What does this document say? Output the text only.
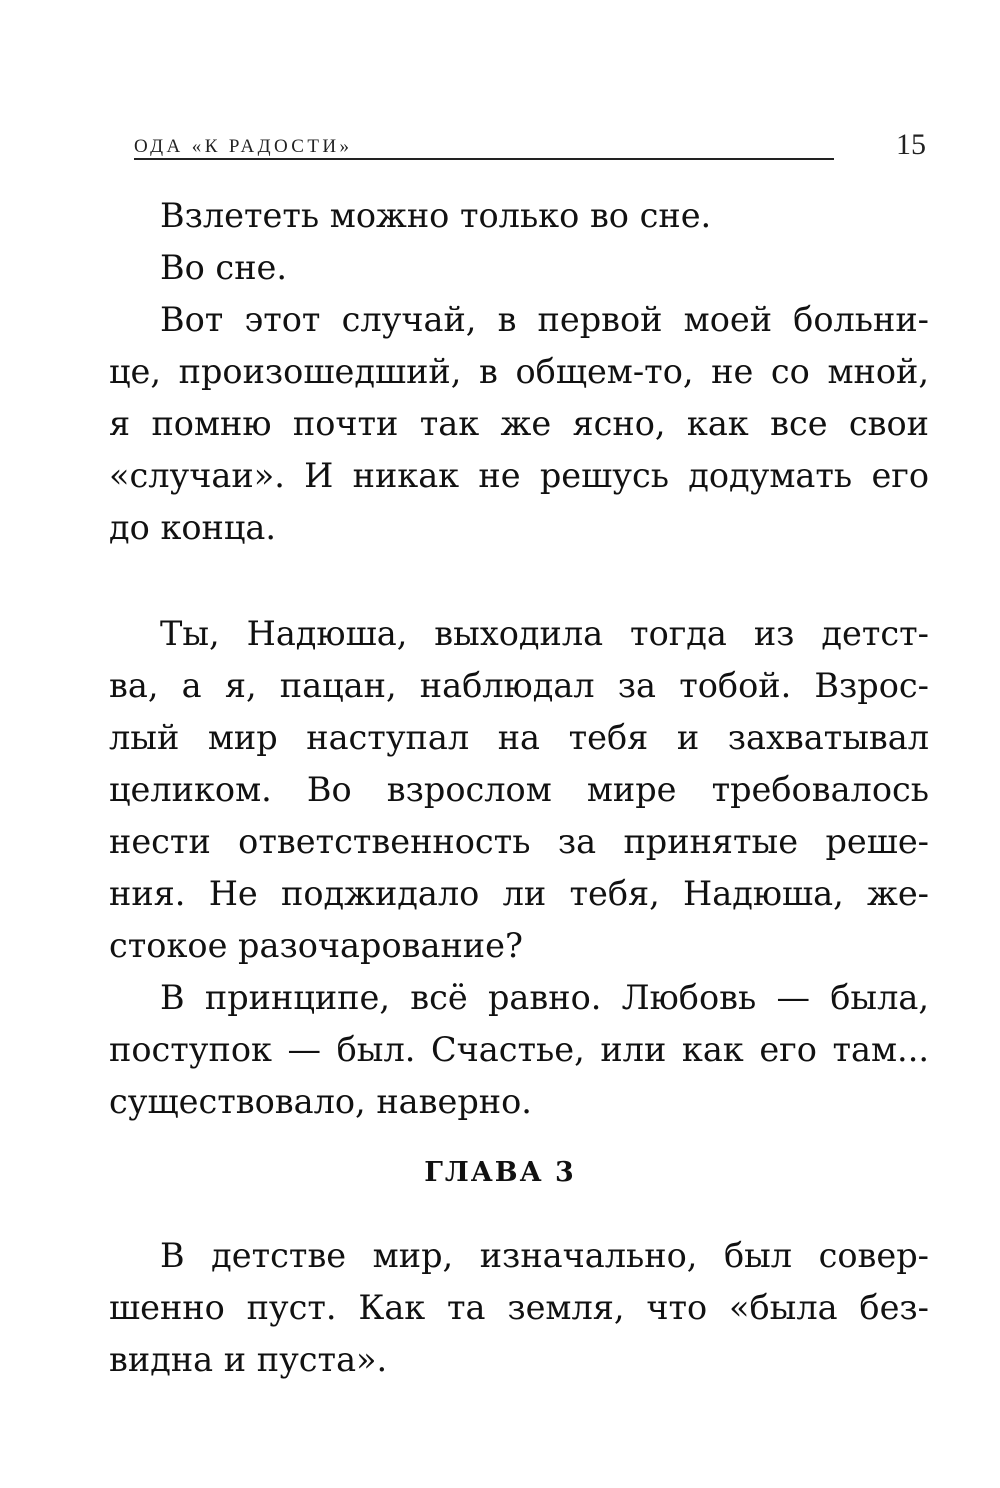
ОДА «К РАДОСТИ»	15
Взлететь можно только во сне.
Во сне.
Вот этот случай, в первой моей больни-
це, произошедший, в общем-то, не со мной,
я помню почти так же ясно, как все свои
«случаи». И никак не решусь додумать его
до конца.
Ты, Надюша, выходила тогда из детст-
ва, а я, пацан, наблюдал за тобой. Взрос-
лый мир наступал на тебя и захватывал
целиком. Во взрослом мире требовалось
нести ответственность за принятые реше-
ния. Не поджидало ли тебя, Надюша, же-
стокое разочарование?
В принципе, всё равно. Любовь — была,
поступок — был. Счастье, или как его там...
существовало, наверно.
ГЛАВА 3
В детстве мир, изначально, был совер-
шенно пуст. Как та земля, что «была без-
видна и пуста».
